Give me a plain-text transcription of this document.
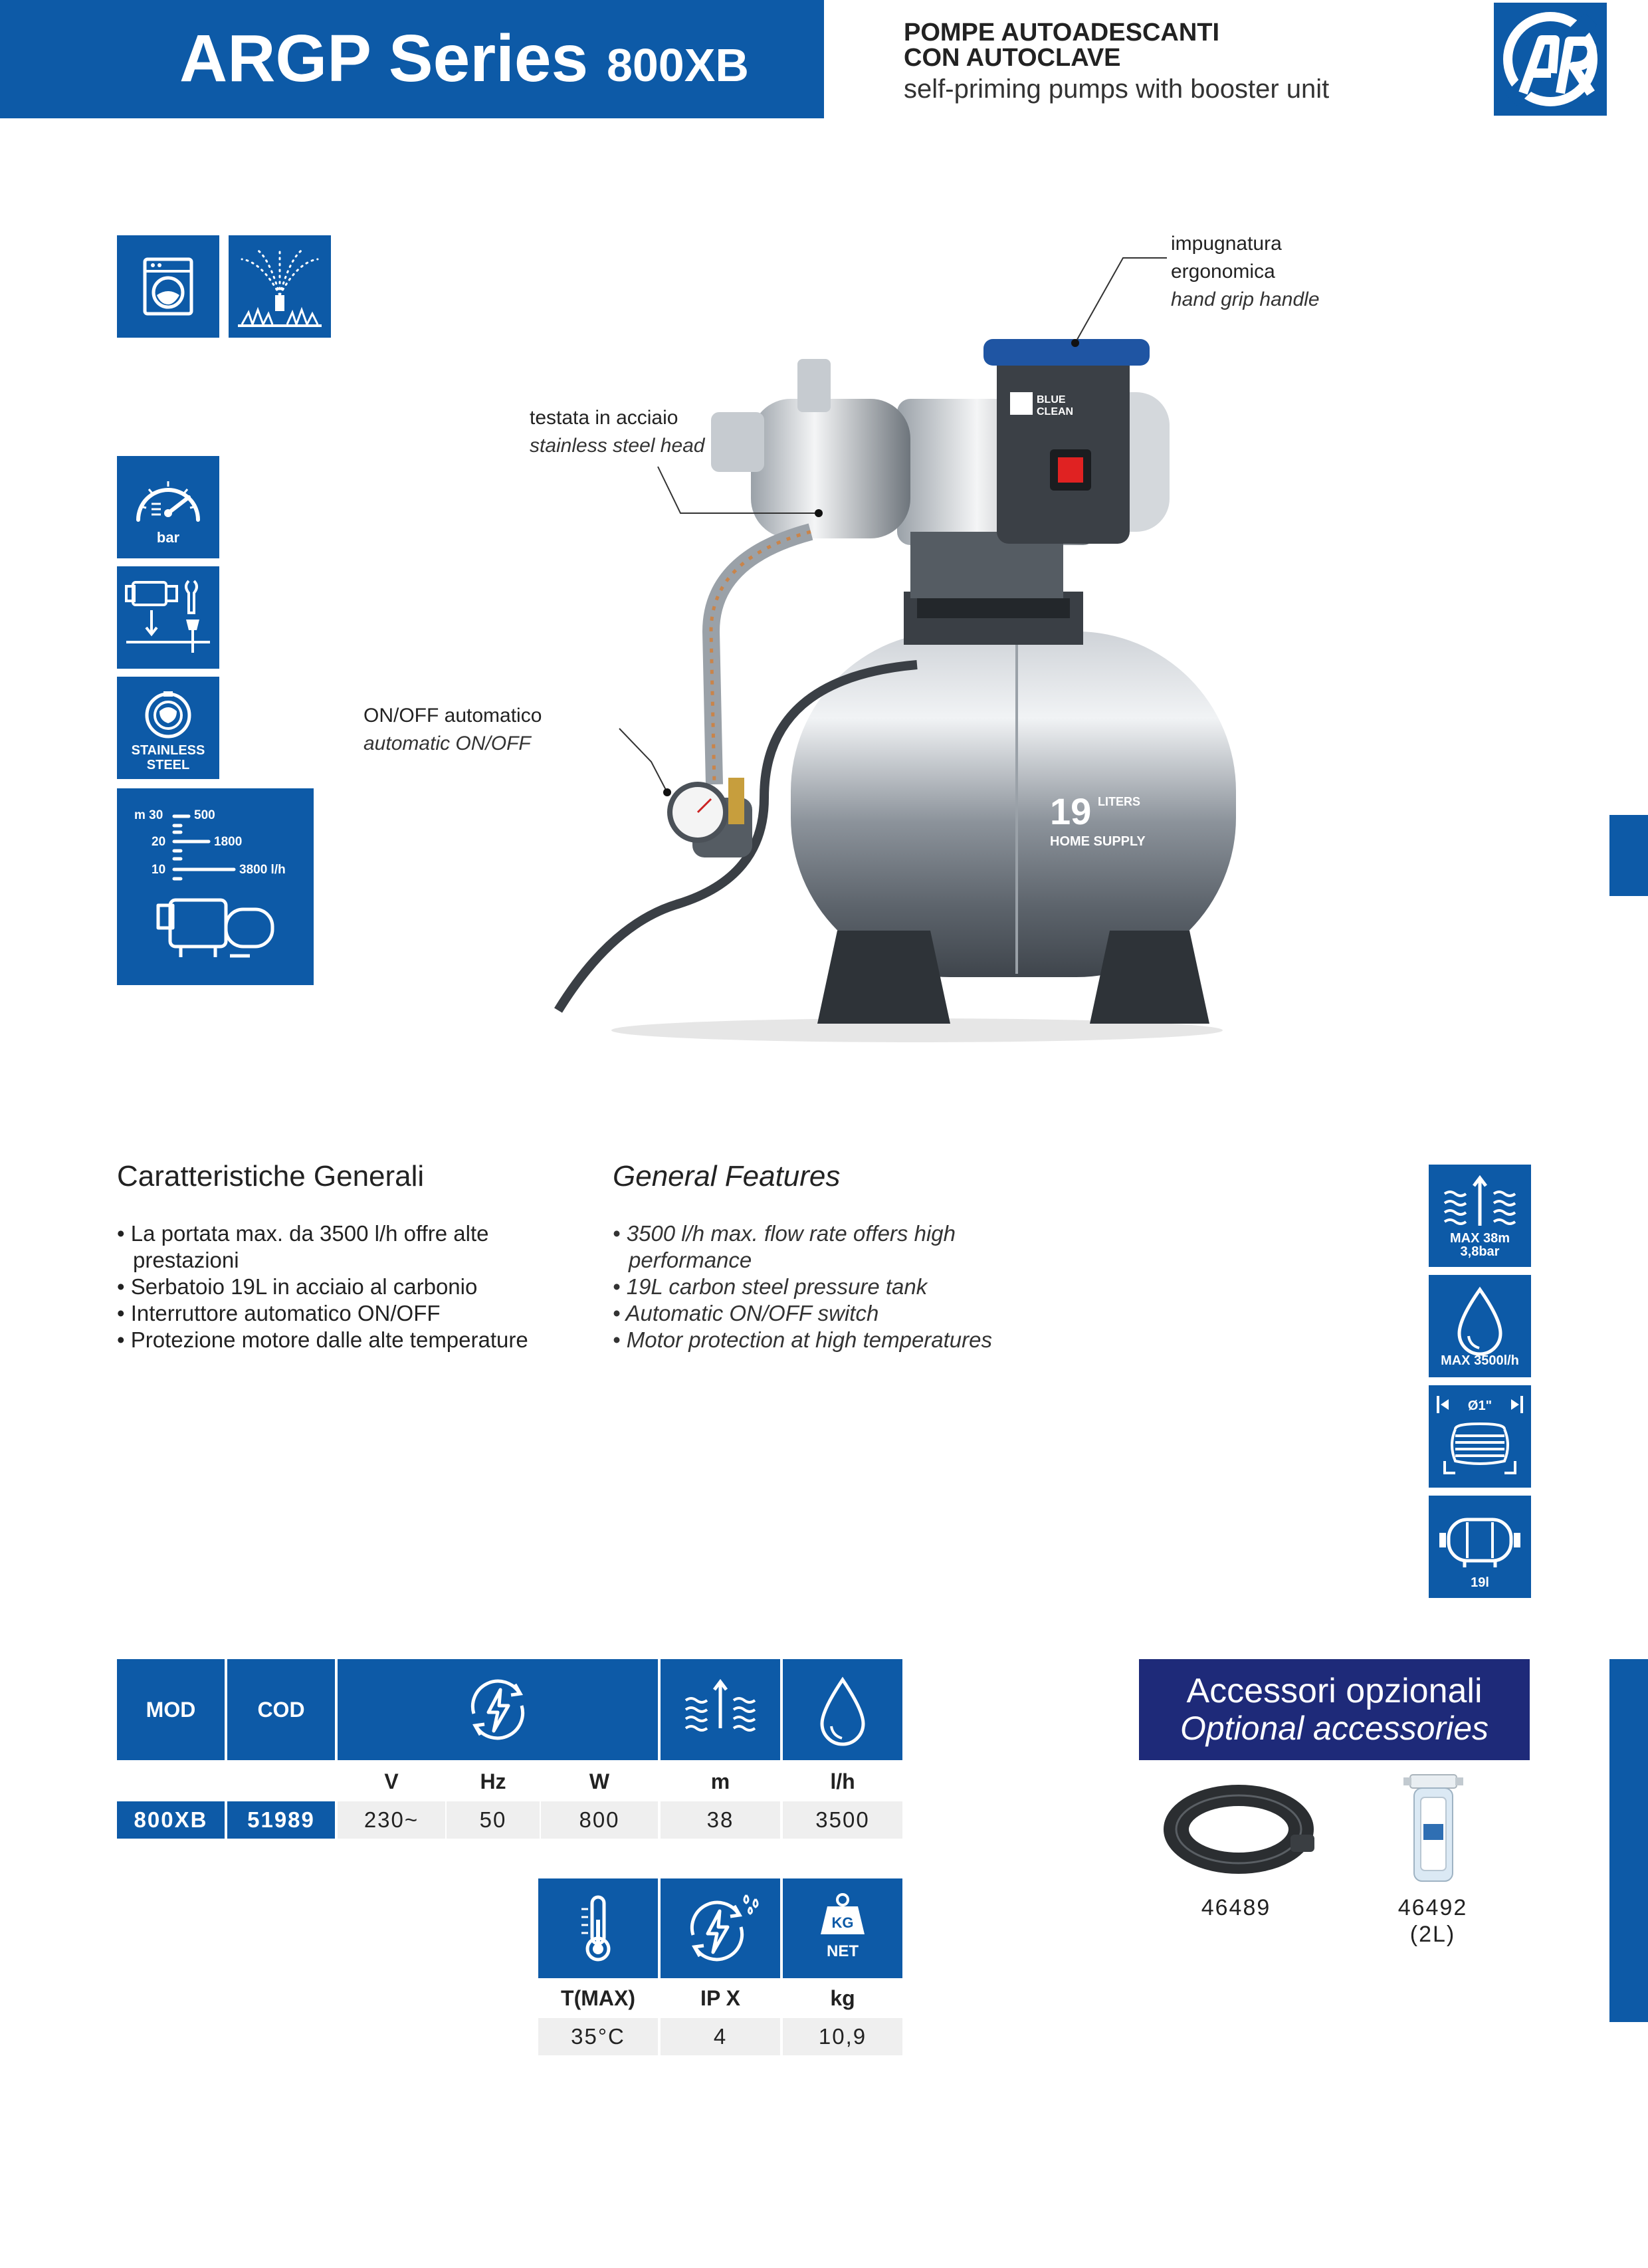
ARGP Series 800XB
POMPE AUTOADESCANTI
CON AUTOCLAVE
self-priming pumps with booster unit
bar
STAINLESS
STEEL
m 30 500
20	1800
10	3800 l/h
19 LITERS
HOME SUPPLY
BLUE
CLEAN
impugnatura
ergonomica
hand grip handle
testata in acciaio
stainless steel head
ON/OFF automatico
automatic ON/OFF
Caratteristiche Generali
• La portata max. da 3500 l/h offre alte prestazioni
• Serbatoio 19L in acciaio al carbonio
• Interruttore automatico ON/OFF
• Protezione motore dalle alte temperature
General Features
• 3500 l/h max. flow rate offers high performance
• 19L carbon steel pressure tank
• Automatic ON/OFF switch
• Motor protection at high temperatures
MAX 38m
3,8bar
MAX 3500l/h
Ø1"
19l
MOD	COD
V	Hz	W	m	l/h
800XB	51989	230~	50	800	38	3500
KG
NET
T(MAX)	IP X	kg
35°C	4	10,9
Accessori opzionali
Optional accessories
46489	46492
(2L)
